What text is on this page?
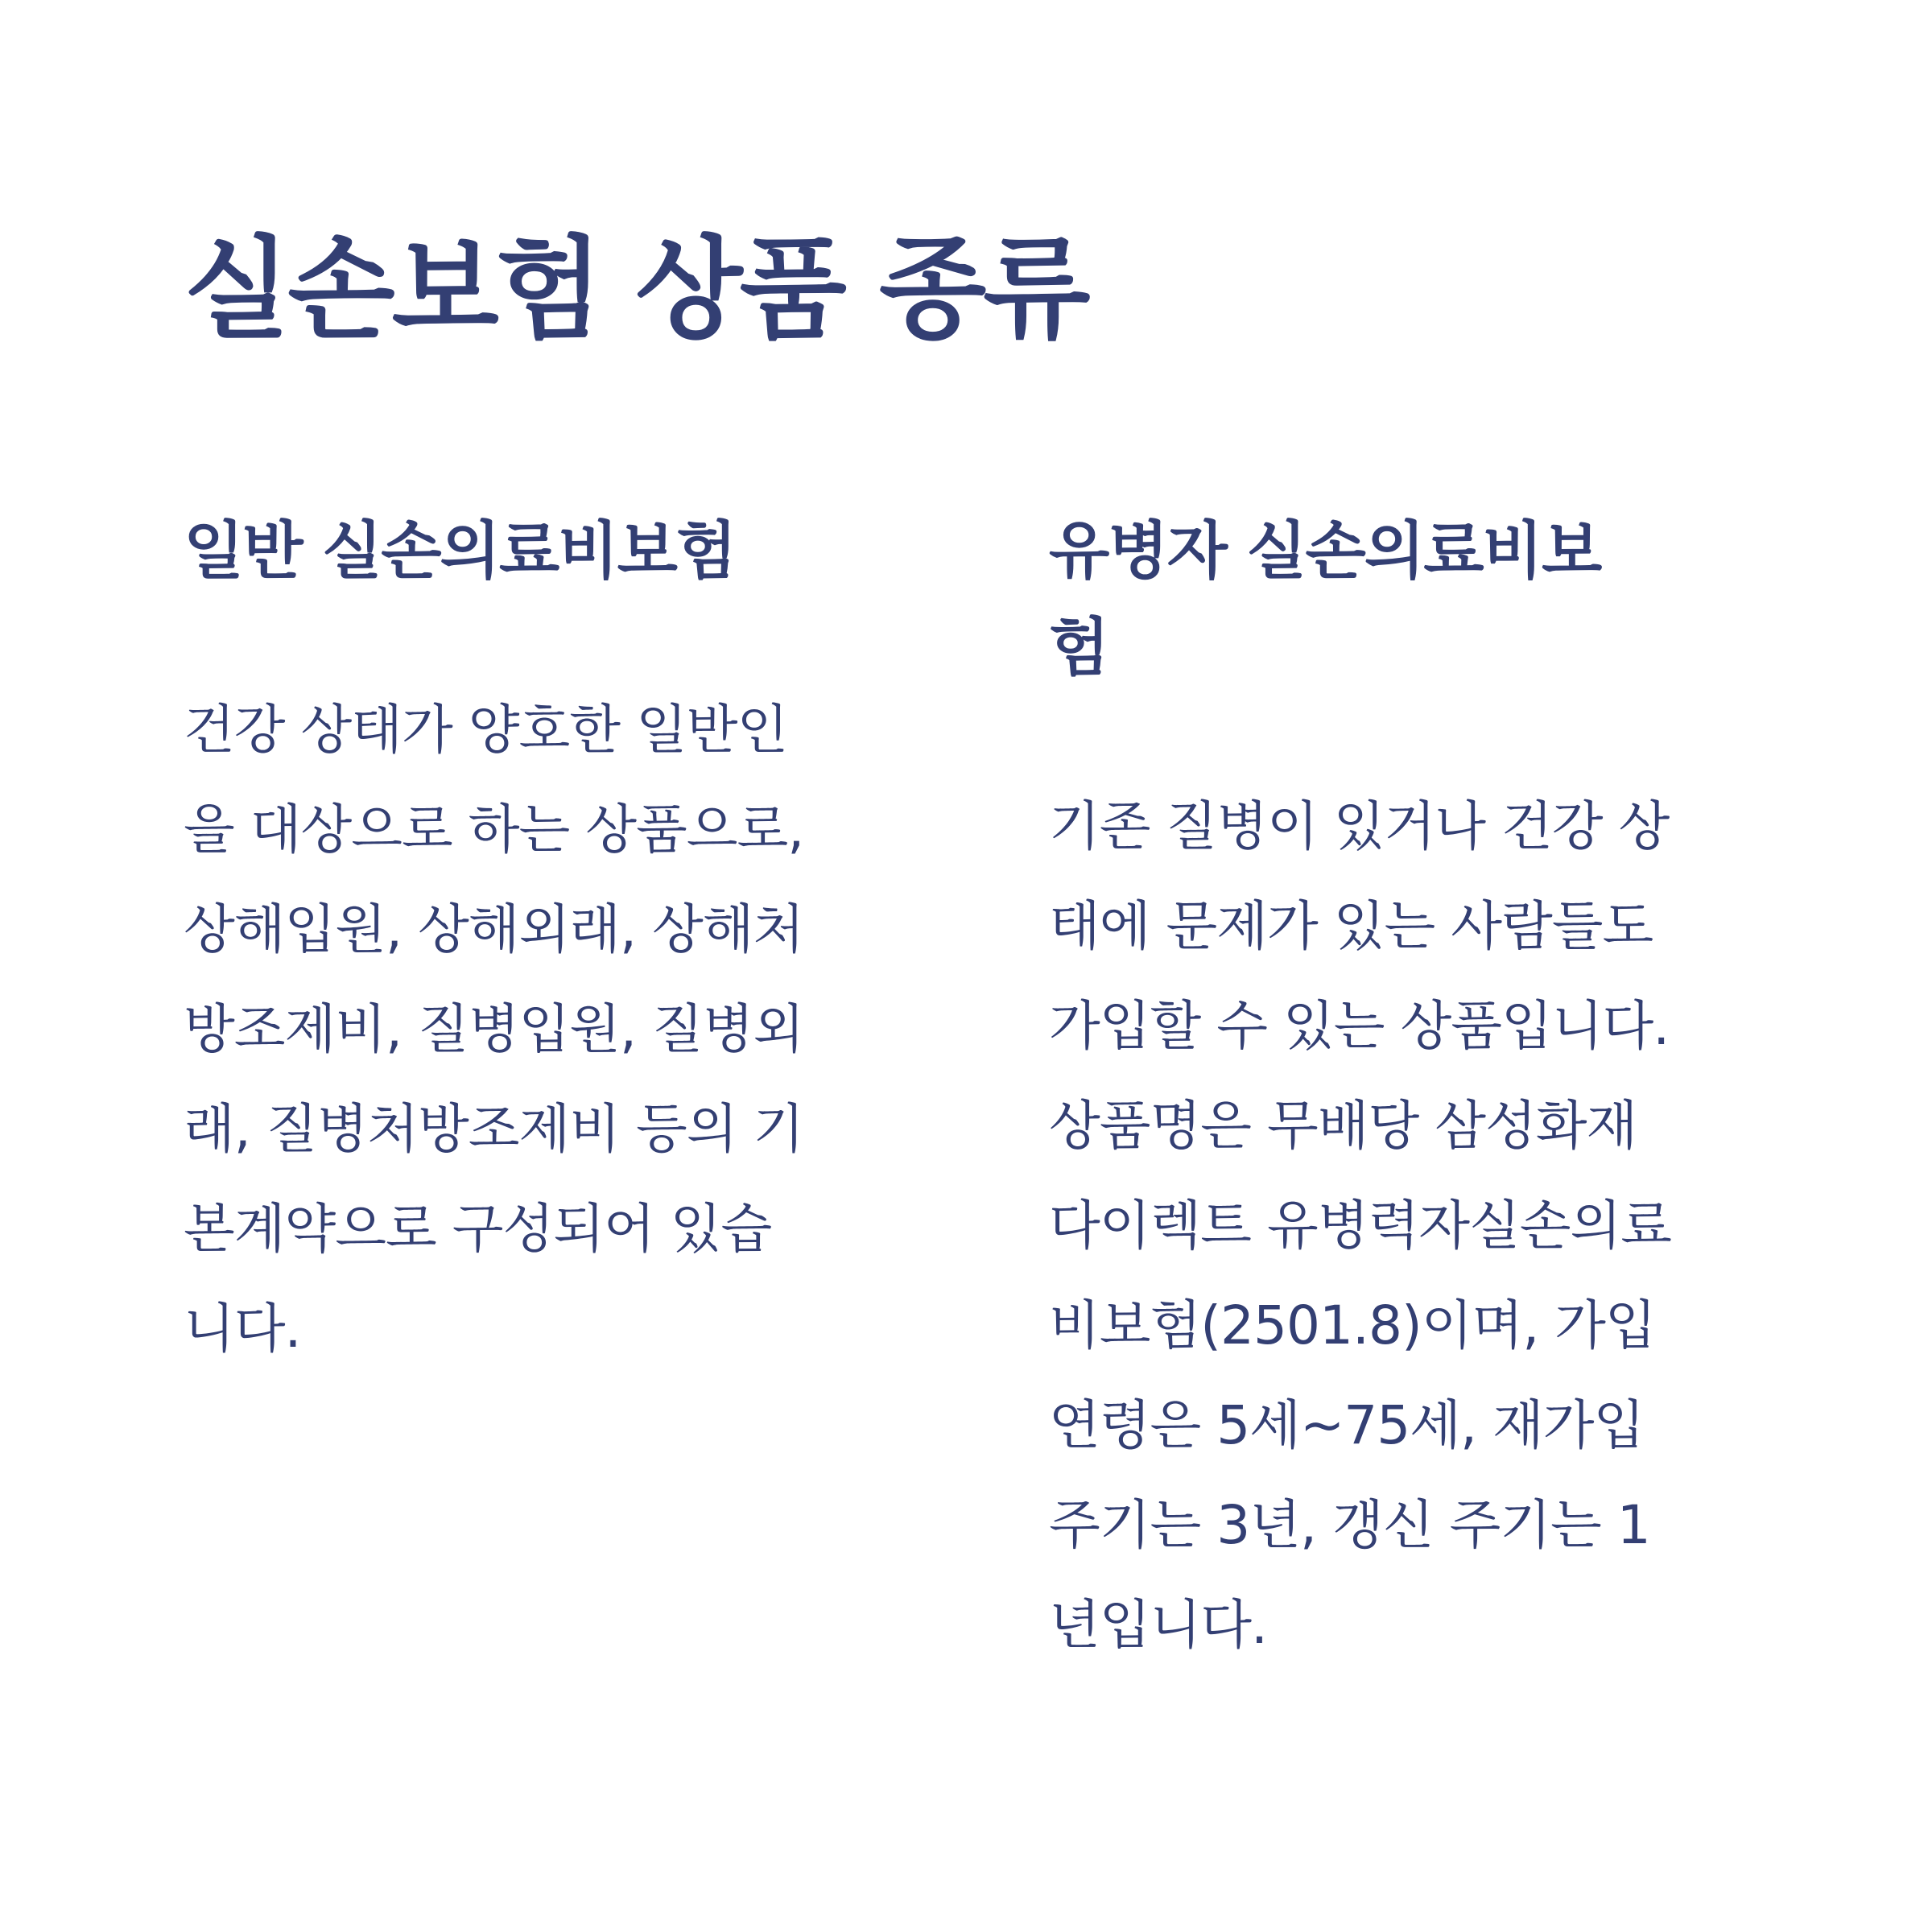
실손보험 상품 종류
일반 실손의료비보험

건강 상태가 양호한 일반인
을 대상으로 하는 상품으로,
상해입원, 상해외래, 상해처
방조제비, 질병입원, 질병외
래, 질병처방조제비 등의 기
본계약으로 구성되어 있습
니다.

유병자 실손의료비보
험

기존 질병이 있거나 건강 상
태에 문제가 있는 사람들도
가입할 수 있는 상품입니다.
상품명은 무배당 삼성화재
다이렉트 유병력자실손의료
비보험(2501.8)이며, 가입
연령은 5세~75세, 재가입
주기는 3년, 갱신 주기는 1
년입니다.
